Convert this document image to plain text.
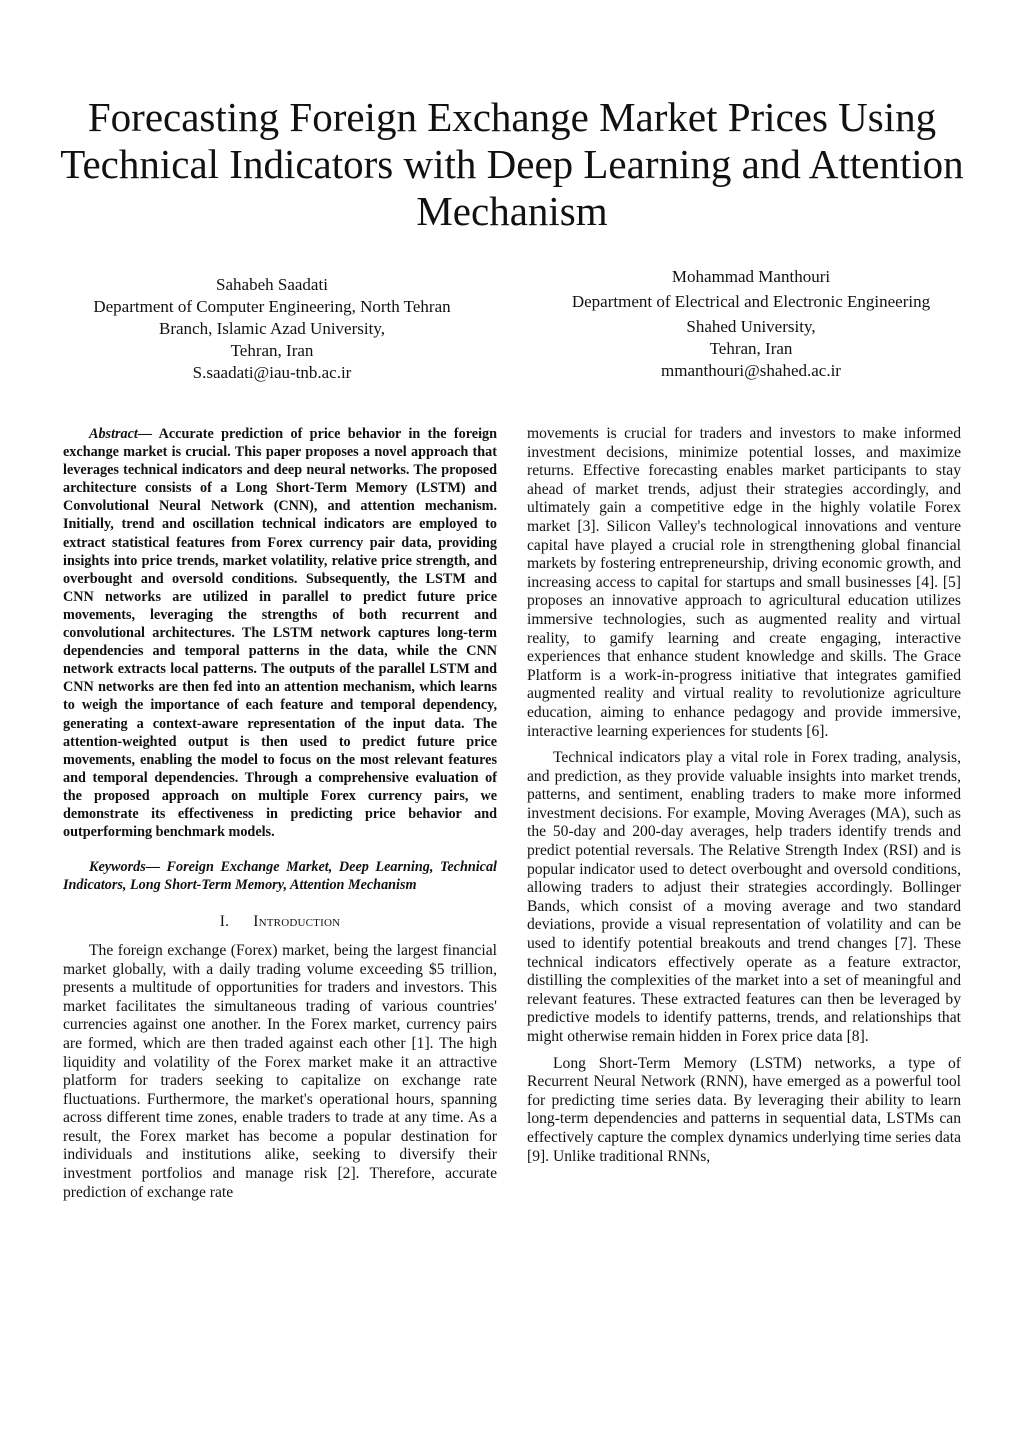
Forecasting Foreign Exchange Market Prices Using Technical Indicators with Deep Learning and Attention Mechanism
Sahabeh Saadati
Department of Computer Engineering, North Tehran
Branch, Islamic Azad University,
Tehran, Iran
S.saadati@iau-tnb.ac.ir
Mohammad Manthouri
Department of Electrical and Electronic Engineering
Shahed University,
Tehran, Iran
mmanthouri@shahed.ac.ir

Abstract— Accurate prediction of price behavior in the foreign exchange market is crucial. This paper proposes a novel approach that leverages technical indicators and deep neural networks. The proposed architecture consists of a Long Short-Term Memory (LSTM) and Convolutional Neural Network (CNN), and attention mechanism. Initially, trend and oscillation technical indicators are employed to extract statistical features from Forex currency pair data, providing insights into price trends, market volatility, relative price strength, and overbought and oversold conditions. Subsequently, the LSTM and CNN networks are utilized in parallel to predict future price movements, leveraging the strengths of both recurrent and convolutional architectures. The LSTM network captures long-term dependencies and temporal patterns in the data, while the CNN network extracts local patterns. The outputs of the parallel LSTM and CNN networks are then fed into an attention mechanism, which learns to weigh the importance of each feature and temporal dependency, generating a context-aware representation of the input data. The attention-weighted output is then used to predict future price movements, enabling the model to focus on the most relevant features and temporal dependencies. Through a comprehensive evaluation of the proposed approach on multiple Forex currency pairs, we demonstrate its effectiveness in predicting price behavior and outperforming benchmark models.

Keywords— Foreign Exchange Market, Deep Learning, Technical Indicators, Long Short-Term Memory, Attention Mechanism

I. Introduction

The foreign exchange (Forex) market, being the largest financial market globally, with a daily trading volume exceeding $5 trillion, presents a multitude of opportunities for traders and investors. This market facilitates the simultaneous trading of various countries' currencies against one another. In the Forex market, currency pairs are formed, which are then traded against each other [1]. The high liquidity and volatility of the Forex market make it an attractive platform for traders seeking to capitalize on exchange rate fluctuations. Furthermore, the market's operational hours, spanning across different time zones, enable traders to trade at any time. As a result, the Forex market has become a popular destination for individuals and institutions alike, seeking to diversify their investment portfolios and manage risk [2]. Therefore, accurate prediction of exchange rate

movements is crucial for traders and investors to make informed investment decisions, minimize potential losses, and maximize returns. Effective forecasting enables market participants to stay ahead of market trends, adjust their strategies accordingly, and ultimately gain a competitive edge in the highly volatile Forex market [3]. Silicon Valley's technological innovations and venture capital have played a crucial role in strengthening global financial markets by fostering entrepreneurship, driving economic growth, and increasing access to capital for startups and small businesses [4]. [5] proposes an innovative approach to agricultural education utilizes immersive technologies, such as augmented reality and virtual reality, to gamify learning and create engaging, interactive experiences that enhance student knowledge and skills. The Grace Platform is a work-in-progress initiative that integrates gamified augmented reality and virtual reality to revolutionize agriculture education, aiming to enhance pedagogy and provide immersive, interactive learning experiences for students [6].

Technical indicators play a vital role in Forex trading, analysis, and prediction, as they provide valuable insights into market trends, patterns, and sentiment, enabling traders to make more informed investment decisions. For example, Moving Averages (MA), such as the 50-day and 200-day averages, help traders identify trends and predict potential reversals. The Relative Strength Index (RSI) and is popular indicator used to detect overbought and oversold conditions, allowing traders to adjust their strategies accordingly. Bollinger Bands, which consist of a moving average and two standard deviations, provide a visual representation of volatility and can be used to identify potential breakouts and trend changes [7]. These technical indicators effectively operate as a feature extractor, distilling the complexities of the market into a set of meaningful and relevant features. These extracted features can then be leveraged by predictive models to identify patterns, trends, and relationships that might otherwise remain hidden in Forex price data [8].

Long Short-Term Memory (LSTM) networks, a type of Recurrent Neural Network (RNN), have emerged as a powerful tool for predicting time series data. By leveraging their ability to learn long-term dependencies and patterns in sequential data, LSTMs can effectively capture the complex dynamics underlying time series data [9]. Unlike traditional RNNs,
